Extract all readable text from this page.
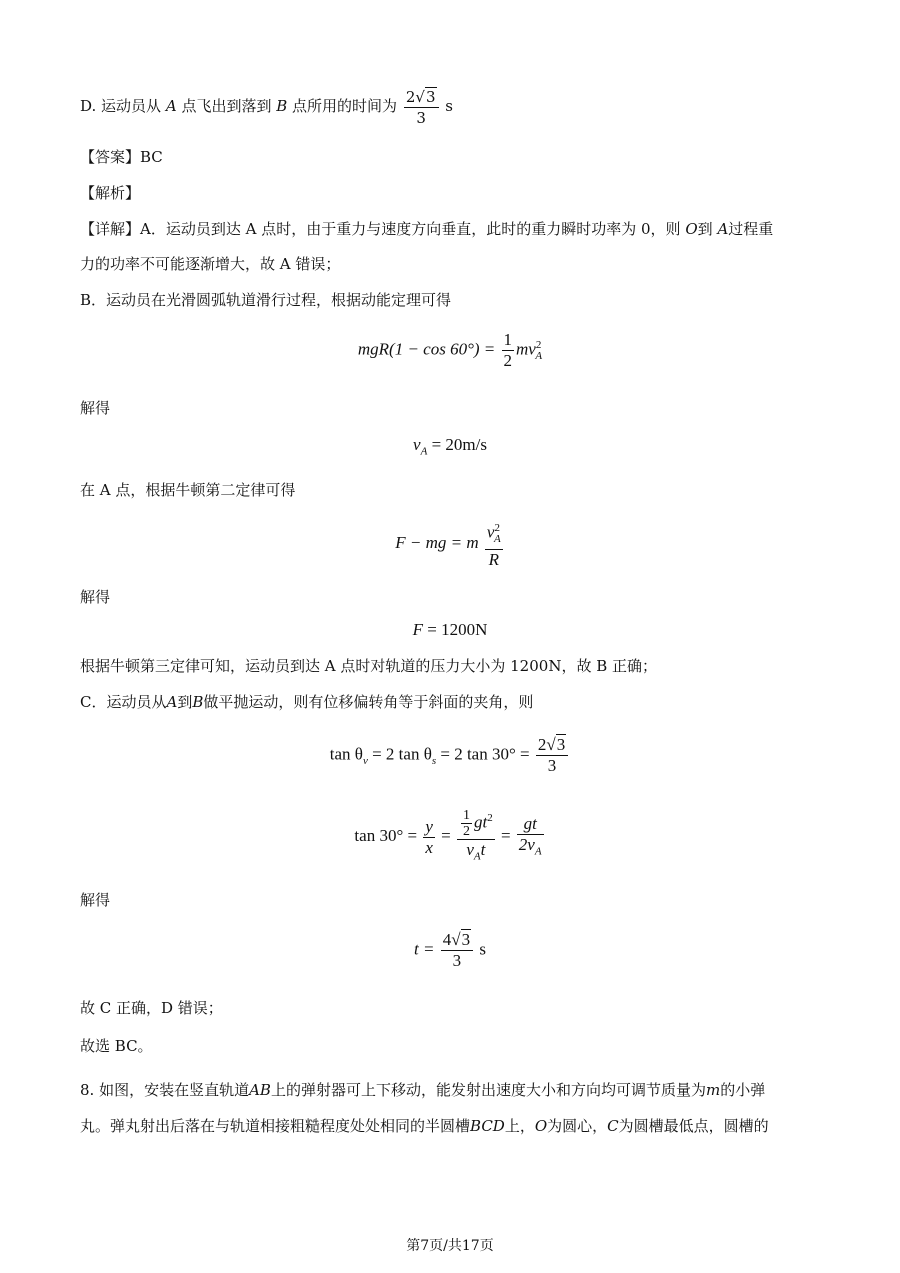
D. 运动员从 A 点飞出到落到 B 点所用的时间为 $\frac{2√3}{3}$ s
【答案】BC
【解析】
【详解】A．运动员到达 A 点时，由于重力与速度方向垂直，此时的重力瞬时功率为 0，则 O到 A过程重
力的功率不可能逐渐增大，故 A 错误；
B．运动员在光滑圆弧轨道滑行过程，根据动能定理可得
$mgR(1 - \cos 60^\circ) = \frac{1}{2} mv^2_A$
解得
$v_A = 20m/s$
在 A 点，根据牛顿第二定律可得
F − mg = m $\frac{v^2_A}{R}$
解得
F = 1200N
根据牛顿第三定律可知，运动员到达 A 点时对轨道的压力大小为 1200N，故 B 正确；
C．运动员从A到B做平抛运动，则有位移偏转角等于斜面的夹角，则
$\tan \theta_v = 2$ $\tan \theta_s = 2$ $\tan 30^\circ = \frac{2√3}{3}$
$\tan 30^\circ = \frac{y}{x} = \frac{\frac{1}{2} gt^2}{v_At} = \frac{gt}{2v_A}$
解得
$t = \frac{4√3}{3}$ s
故 C 正确，D 错误；
故选 BC。
8. 如图，安装在竖直轨道AB上的弹射器可上下移动，能发射出速度大小和方向均可调节质量为m的小弹
丸。弹丸射出后落在与轨道相接粗糙程度处处相同的半圆槽BCD上，O为圆心，C为圆槽最低点，圆槽的
第7页/共17页
